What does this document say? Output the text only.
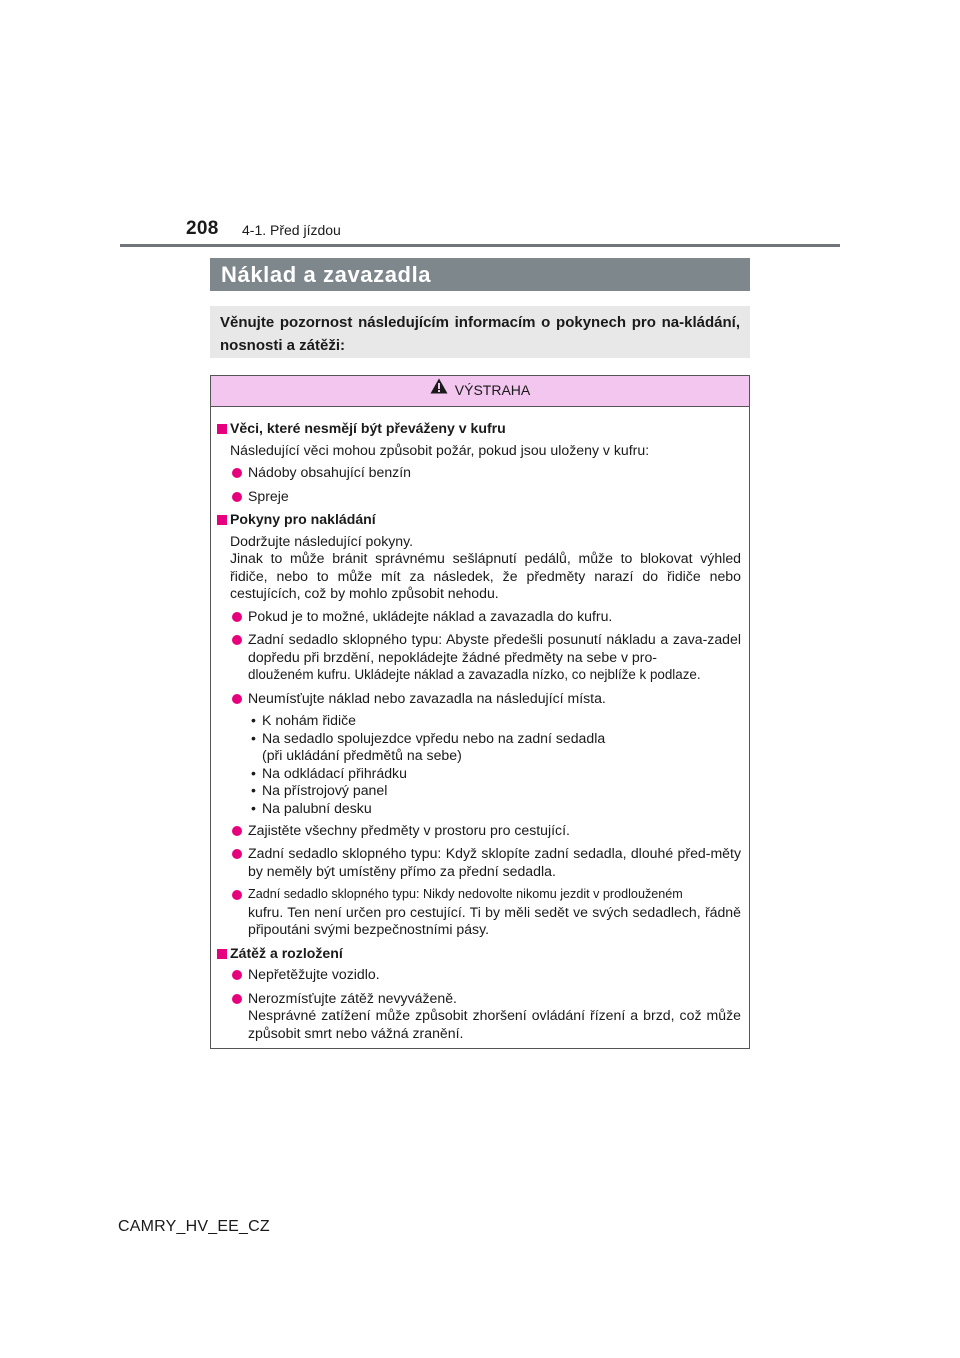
208 4-1. Před jízdou
Náklad a zavazadla
Věnujte pozornost následujícím informacím o pokynech pro na-kládání, nosnosti a zátěži:
VÝSTRAHA
Věci, které nesmějí být převáženy v kufru
Následující věci mohou způsobit požár, pokud jsou uloženy v kufru:
Nádoby obsahující benzín
Spreje
Pokyny pro nakládání
Dodržujte následující pokyny.
Jinak to může bránit správnému sešlápnutí pedálů, může to blokovat výhled řidiče, nebo to může mít za následek, že předměty narazí do řidiče nebo cestujících, což by mohlo způsobit nehodu.
Pokud je to možné, ukládejte náklad a zavazadla do kufru.
Zadní sedadlo sklopného typu: Abyste předešli posunutí nákladu a zava-zadel dopředu při brzdění, nepokládejte žádné předměty na sebe v pro-
dlouženém kufru. Ukládejte náklad a zavazadla nízko, co nejblíže k podlaze.
Neumísťujte náklad nebo zavazadla na následující místa.
• K nohám řidiče
• Na sedadlo spolujezdce vpředu nebo na zadní sedadla
(při ukládání předmětů na sebe)
• Na odkládací přihrádku
• Na přístrojový panel
• Na palubní desku
Zajistěte všechny předměty v prostoru pro cestující.
Zadní sedadlo sklopného typu: Když sklopíte zadní sedadla, dlouhé před-měty by neměly být umístěny přímo za přední sedadla.
Zadní sedadlo sklopného typu: Nikdy nedovolte nikomu jezdit v prodlouženém
kufru. Ten není určen pro cestující. Ti by měli sedět ve svých sedadlech, řádně připoutáni svými bezpečnostními pásy.
Zátěž a rozložení
Nepřetěžujte vozidlo.
Nerozmísťujte zátěž nevyváženě.
Nesprávné zatížení může způsobit zhoršení ovládání řízení a brzd, což může způsobit smrt nebo vážná zranění.
CAMRY_HV_EE_CZ
